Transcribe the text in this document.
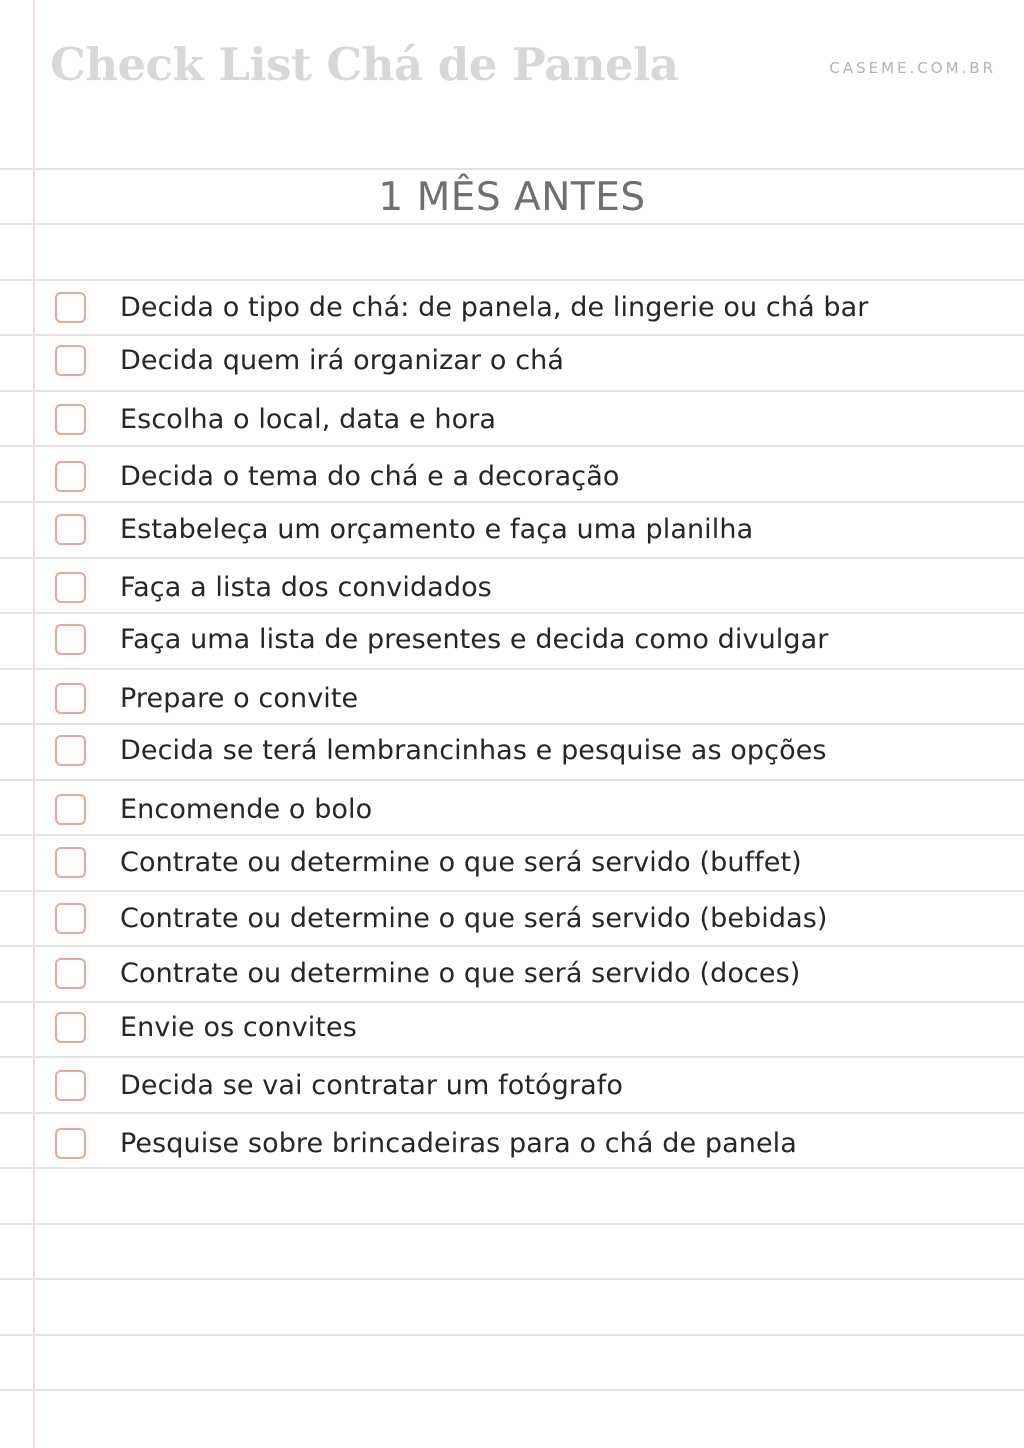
Check List Chá de Panela	CASEME.COM.BR
1 MÊS ANTES
Decida o tipo de chá: de panela, de lingerie ou chá bar
Decida quem irá organizar o chá
Escolha o local, data e hora
Decida o tema do chá e a decoração
Estabeleça um orçamento e faça uma planilha
Faça a lista dos convidados
Faça uma lista de presentes e decida como divulgar
Prepare o convite
Decida se terá lembrancinhas e pesquise as opções
Encomende o bolo
Contrate ou determine o que será servido (buffet)
Contrate ou determine o que será servido (bebidas)
Contrate ou determine o que será servido (doces)
Envie os convites
Decida se vai contratar um fotógrafo
Pesquise sobre brincadeiras para o chá de panela
